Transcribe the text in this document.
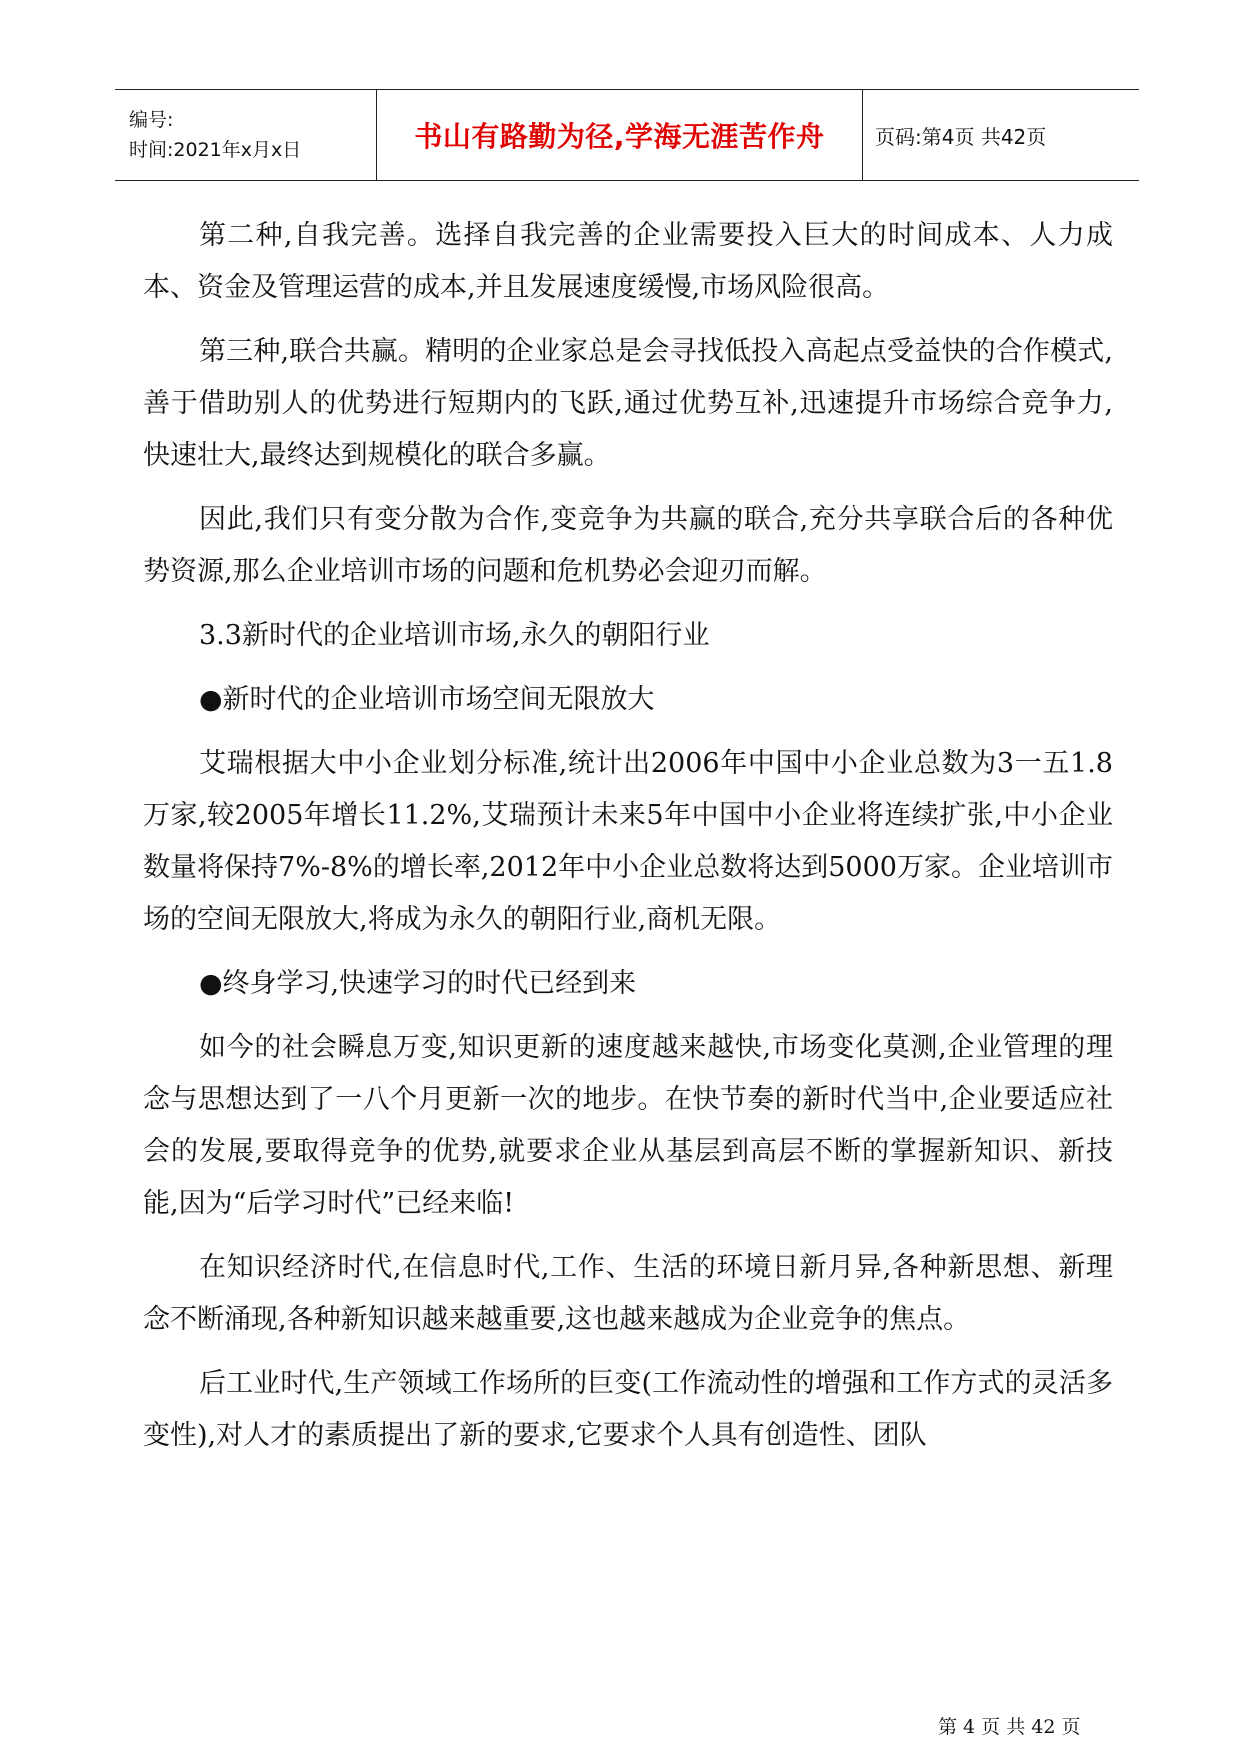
编号:
时间:2021年x月x日	书山有路勤为径,学海无涯苦作舟	页码:第4页 共42页

第二种,自我完善。选择自我完善的企业需要投入巨大的时间成本、人力成本、资金及管理运营的成本,并且发展速度缓慢,市场风险很高。

第三种,联合共赢。精明的企业家总是会寻找低投入高起点受益快的合作模式,善于借助别人的优势进行短期内的飞跃,通过优势互补,迅速提升市场综合竞争力,快速壮大,最终达到规模化的联合多赢。

因此,我们只有变分散为合作,变竞争为共赢的联合,充分共享联合后的各种优势资源,那么企业培训市场的问题和危机势必会迎刃而解。

3.3新时代的企业培训市场,永久的朝阳行业

●新时代的企业培训市场空间无限放大

艾瑞根据大中小企业划分标准,统计出2006年中国中小企业总数为3一五1.8万家,较2005年增长11.2%,艾瑞预计未来5年中国中小企业将连续扩张,中小企业数量将保持7%-8%的增长率,2012年中小企业总数将达到5000万家。企业培训市场的空间无限放大,将成为永久的朝阳行业,商机无限。

●终身学习,快速学习的时代已经到来

如今的社会瞬息万变,知识更新的速度越来越快,市场变化莫测,企业管理的理念与思想达到了一八个月更新一次的地步。在快节奏的新时代当中,企业要适应社会的发展,要取得竞争的优势,就要求企业从基层到高层不断的掌握新知识、新技能,因为“后学习时代”已经来临!

在知识经济时代,在信息时代,工作、生活的环境日新月异,各种新思想、新理念不断涌现,各种新知识越来越重要,这也越来越成为企业竞争的焦点。

后工业时代,生产领域工作场所的巨变(工作流动性的增强和工作方式的灵活多变性),对人才的素质提出了新的要求,它要求个人具有创造性、团队

第 4 页 共 42 页
